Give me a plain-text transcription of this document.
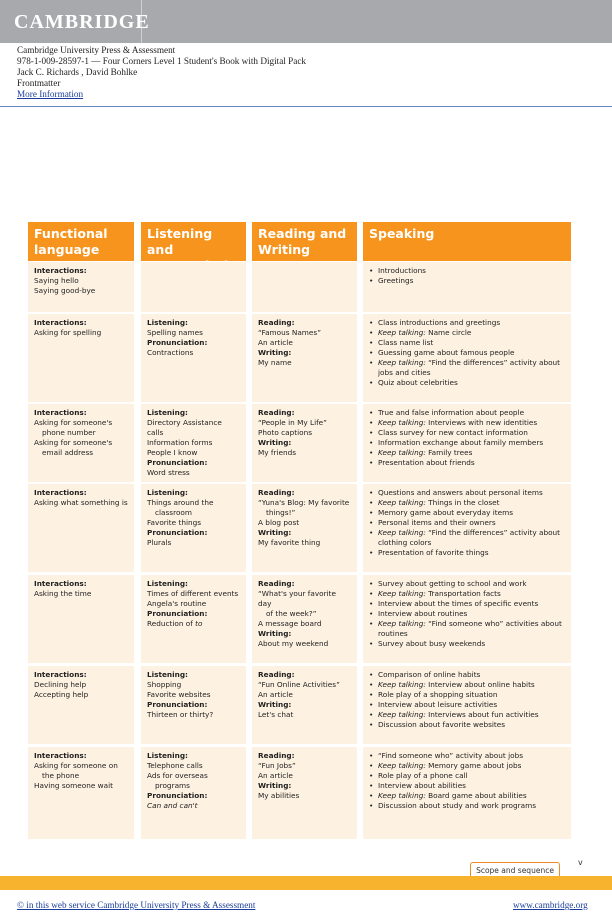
CAMBRIDGE
Cambridge University Press & Assessment
978-1-009-28597-1 — Four Corners Level 1 Student's Book with Digital Pack
Jack C. Richards , David Bohlke
Frontmatter
More Information
Functional language
Listening and
Reading and Writing
Speaking
Interactions:
Saying hello
Saying good-bye
• Introductions
• Greetings
Interactions:
Asking for spelling
Listening:
Spelling names
Pronunciation:
Contractions
Reading:
“Famous Names”
An article
Writing:
My name
• Class introductions and greetings
• Keep talking: Name circle
• Class name list
• Guessing game about famous people
• Keep talking: “Find the differences” activity about jobs and cities
• Quiz about celebrities
Interactions:
Asking for someone's
phone number
Asking for someone's
email address
Listening:
Directory Assistance calls
Information forms
People I know
Pronunciation:
Word stress
Reading:
“People in My Life”
Photo captions
Writing:
My friends
• True and false information about people
• Keep talking: Interviews with new identities
• Class survey for new contact information
• Information exchange about family members
• Keep talking: Family trees
• Presentation about friends
Interactions:
Asking what something is
Listening:
Things around the
classroom
Favorite things
Pronunciation:
Plurals
Reading:
“Yuna's Blog: My favorite
things!”
A blog post
Writing:
My favorite thing
• Questions and answers about personal items
• Keep talking: Things in the closet
• Memory game about everyday items
• Personal items and their owners
• Keep talking: “Find the differences” activity about clothing colors
• Presentation of favorite things
Interactions:
Asking the time
Listening:
Times of different events
Angela's routine
Pronunciation:
Reduction of to
Reading:
“What's your favorite day
of the week?”
A message board
Writing:
About my weekend
• Survey about getting to school and work
• Keep talking: Transportation facts
• Interview about the times of specific events
• Interview about routines
• Keep talking: “Find someone who” activities about routines
• Survey about busy weekends
Interactions:
Declining help
Accepting help
Listening:
Shopping
Favorite websites
Pronunciation:
Thirteen or thirty?
Reading:
“Fun Online Activities”
An article
Writing:
Let's chat
• Comparison of online habits
• Keep talking: Interview about online habits
• Role play of a shopping situation
• Interview about leisure activities
• Keep talking: Interviews about fun activities
• Discussion about favorite websites
Interactions:
Asking for someone on
the phone
Having someone wait
Listening:
Telephone calls
Ads for overseas
programs
Pronunciation:
Can and can't
Reading:
“Fun Jobs”
An article
Writing:
My abilities
• “Find someone who” activity about jobs
• Keep talking: Memory game about jobs
• Role play of a phone call
• Interview about abilities
• Keep talking: Board game about abilities
• Discussion about study and work programs
v
Scope and sequence
© in this web service Cambridge University Press & Assessment	www.cambridge.org
